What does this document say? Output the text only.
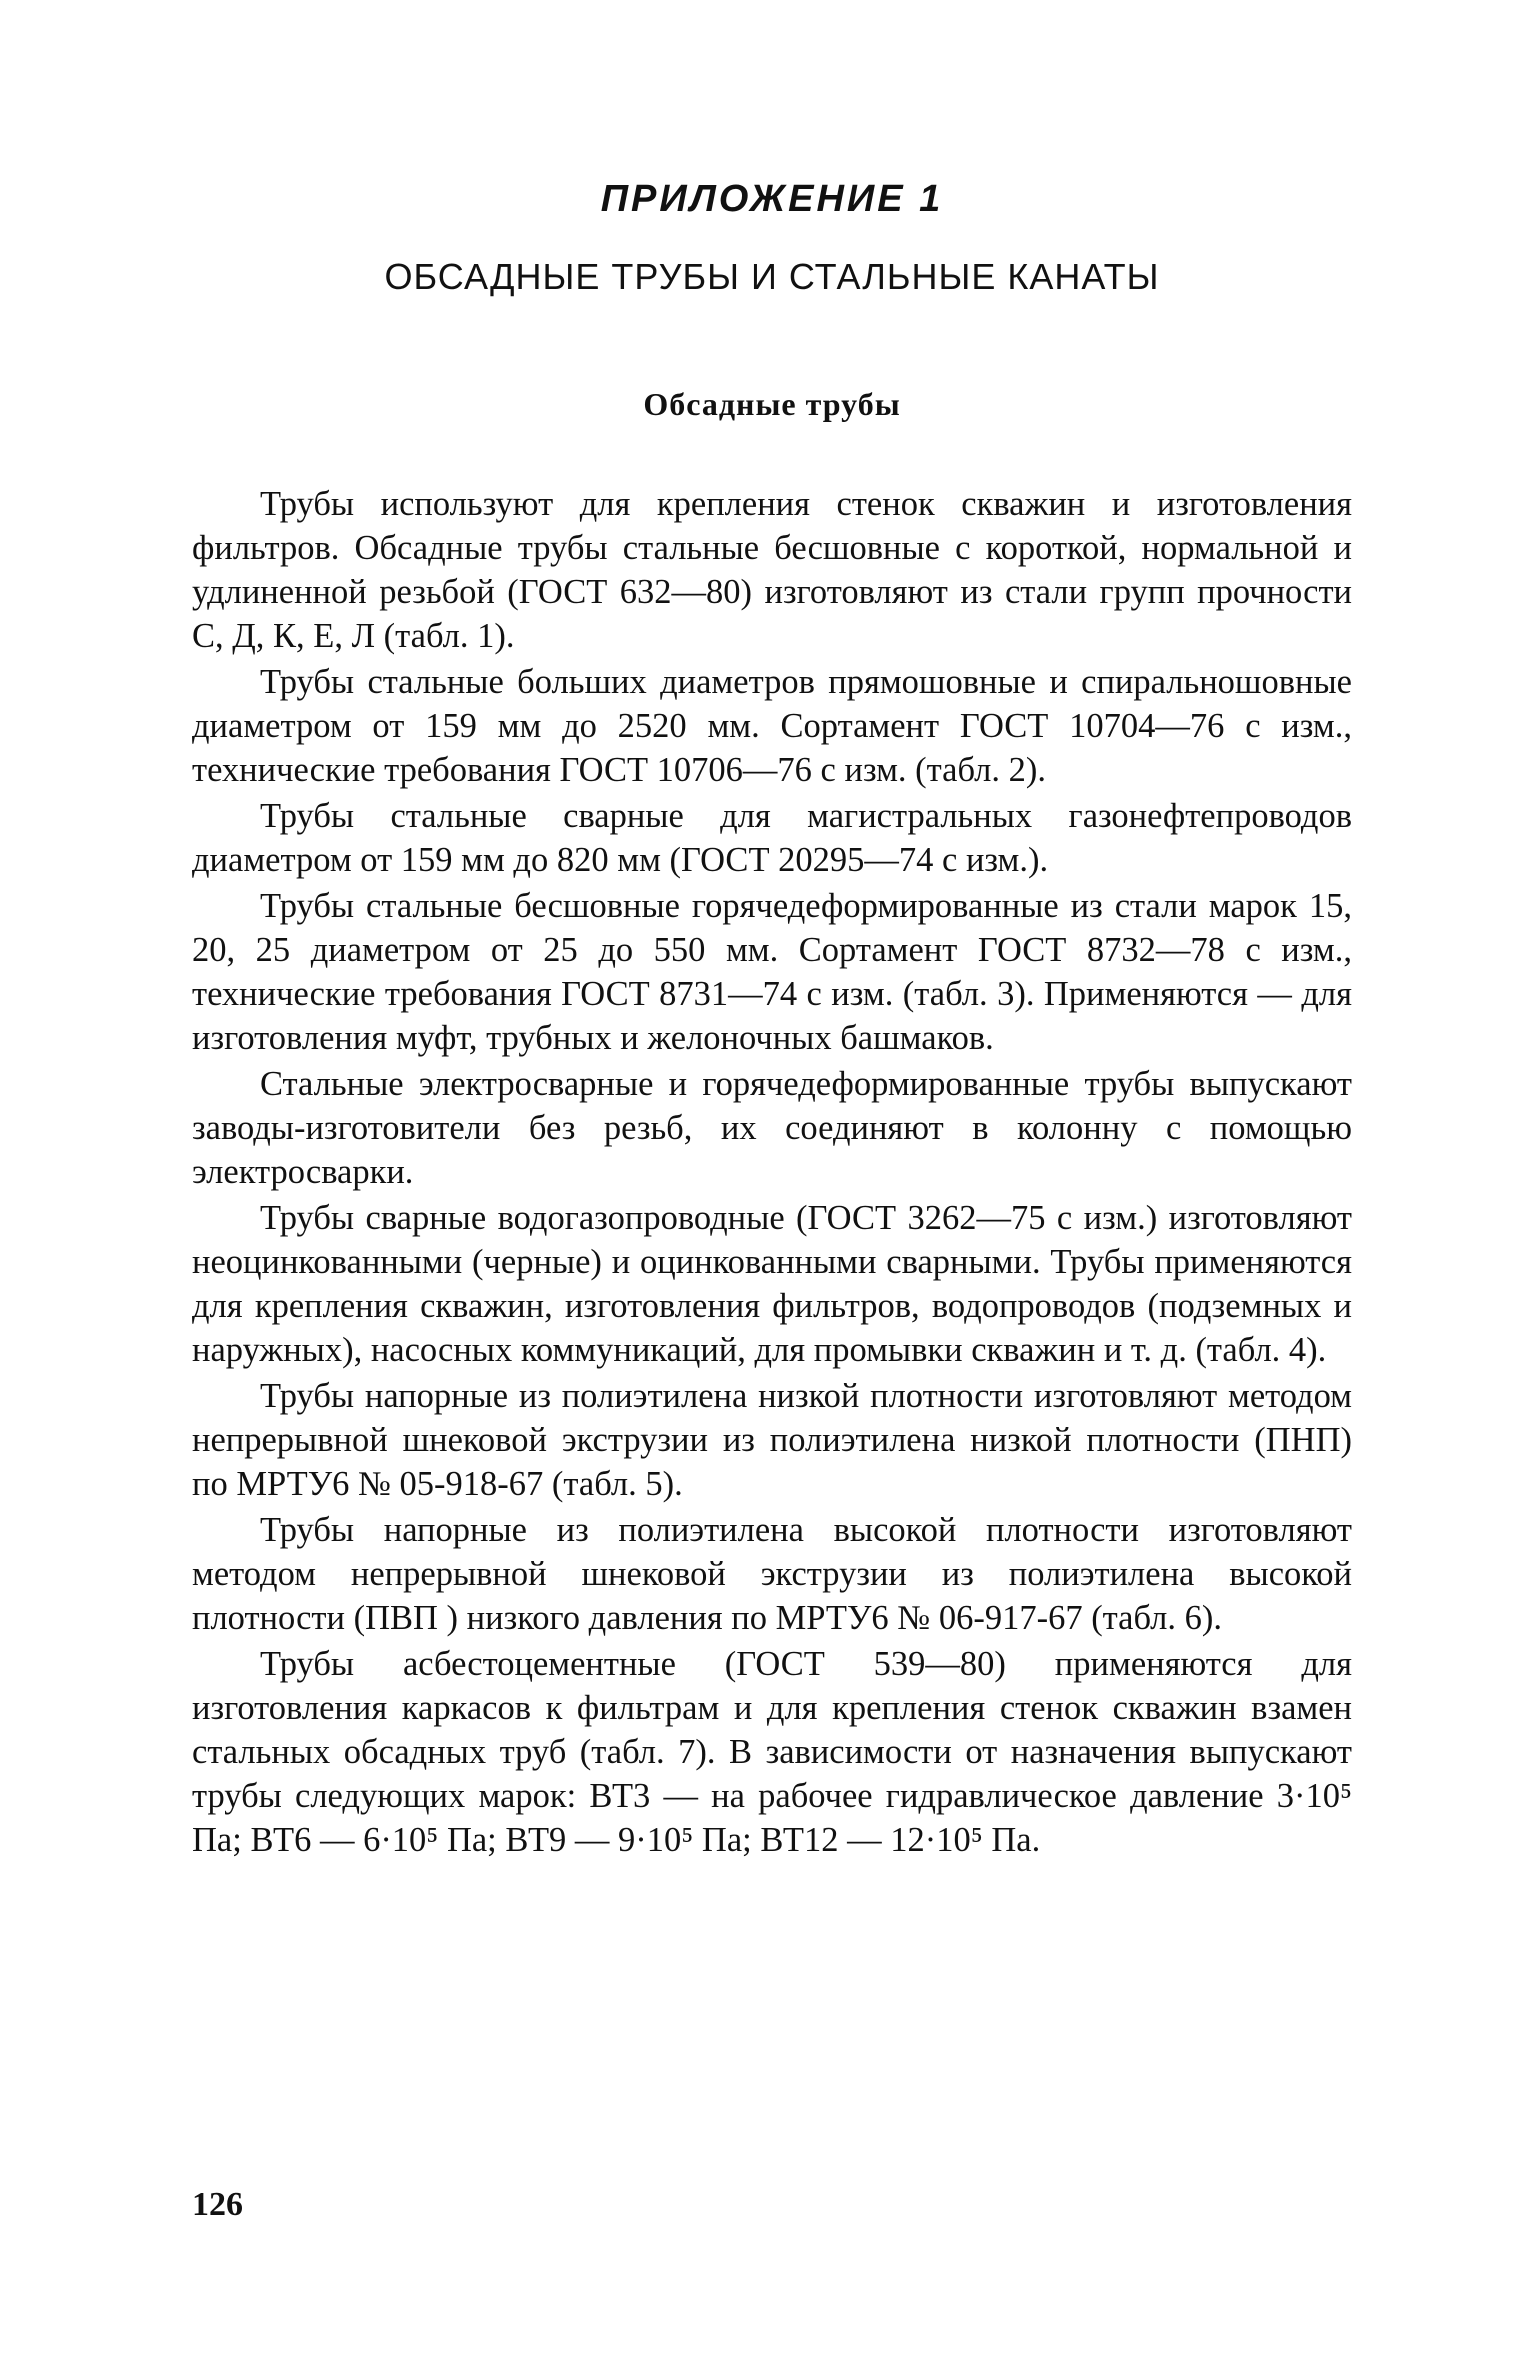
ПРИЛОЖЕНИЕ 1
ОБСАДНЫЕ ТРУБЫ И СТАЛЬНЫЕ КАНАТЫ
Обсадные трубы

Трубы используют для крепления стенок скважин и изготовления фильтров. Обсадные трубы стальные бесшовные с короткой, нормальной и удлиненной резьбой (ГОСТ 632—80) изготовляют из стали групп прочности С, Д, К, Е, Л (табл. 1).

Трубы стальные больших диаметров прямошовные и спиральношовные диаметром от 159 мм до 2520 мм. Сортамент ГОСТ 10704—76 с изм., технические требования ГОСТ 10706—76 с изм. (табл. 2).

Трубы стальные сварные для магистральных газонефтепроводов диаметром от 159 мм до 820 мм (ГОСТ 20295—74 с изм.).

Трубы стальные бесшовные горячедеформированные из стали марок 15, 20, 25 диаметром от 25 до 550 мм. Сортамент ГОСТ 8732—78 с изм., технические требования ГОСТ 8731—74 с изм. (табл. 3). Применяются — для изготовления муфт, трубных и желоночных башмаков.

Стальные электросварные и горячедеформированные трубы выпускают заводы-изготовители без резьб, их соединяют в колонну с помощью электросварки.

Трубы сварные водогазопроводные (ГОСТ 3262—75 с изм.) изготовляют неоцинкованными (черные) и оцинкованными сварными. Трубы применяются для крепления скважин, изготовления фильтров, водопроводов (подземных и наружных), насосных коммуникаций, для промывки скважин и т. д. (табл. 4).

Трубы напорные из полиэтилена низкой плотности изготовляют методом непрерывной шнековой экструзии из полиэтилена низкой плотности (ПНП) по МРТУ6 № 05-918-67 (табл. 5).

Трубы напорные из полиэтилена высокой плотности изготовляют методом непрерывной шнековой экструзии из полиэтилена высокой плотности (ПВП ) низкого давления по МРТУ6 № 06-917-67 (табл. 6).

Трубы асбестоцементные (ГОСТ 539—80) применяются для изготовления каркасов к фильтрам и для крепления стенок скважин взамен стальных обсадных труб (табл. 7). В зависимости от назначения выпускают трубы следующих марок: ВТ3 — на рабочее гидравлическое давление 3·10⁵ Па; ВТ6 — 6·10⁵ Па; ВТ9 — 9·10⁵ Па; ВТ12 — 12·10⁵ Па.

126
